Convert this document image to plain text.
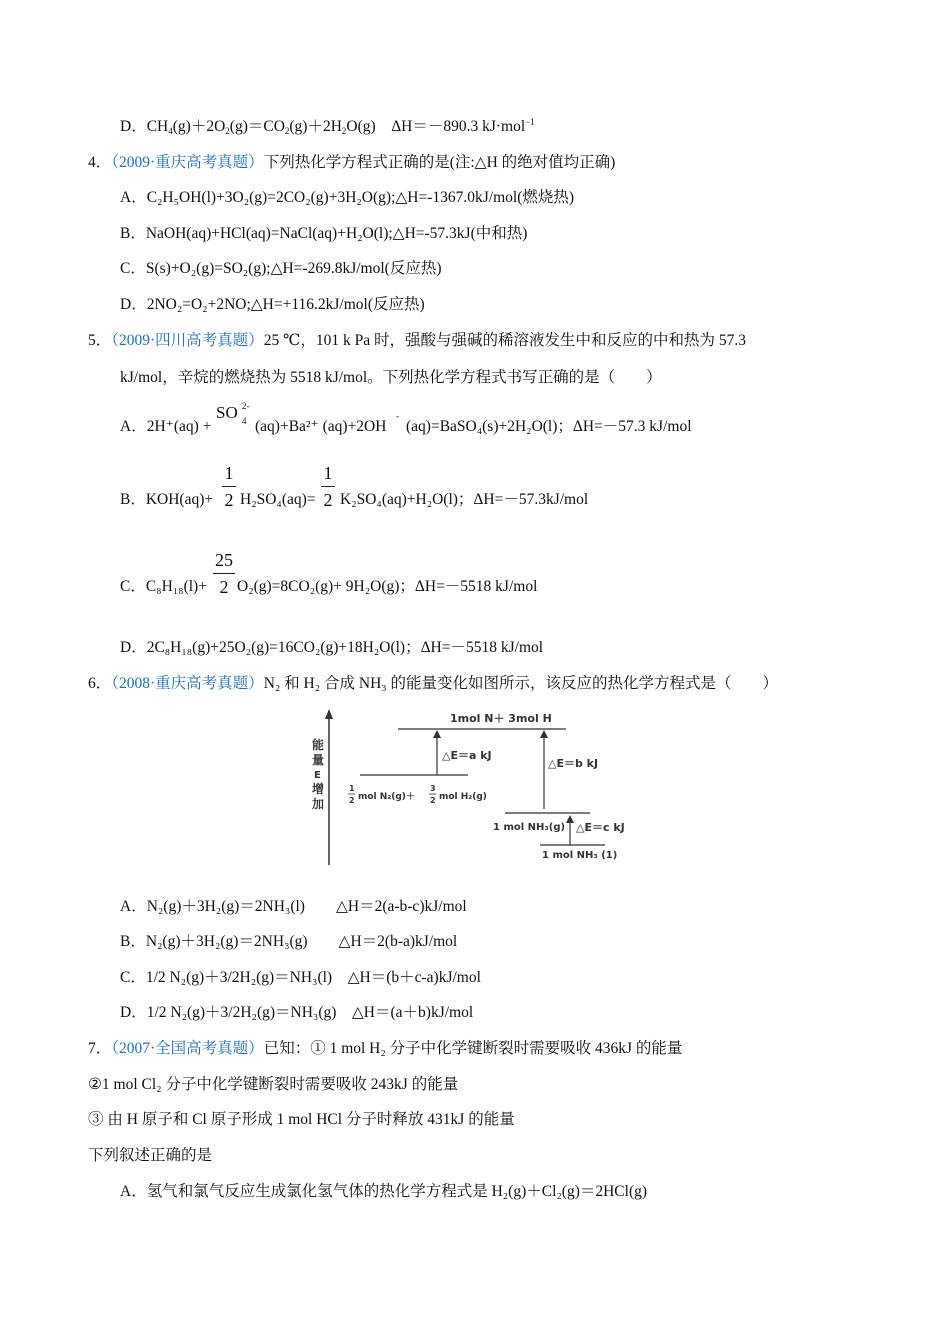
D．$CH_4(g)+2O_2(g)=CO_2(g)+2H_2O(g)$　ΔH＝－890.3 kJ·mol$^{-1}$
4．（2009·重庆高考真题）下列热化学方程式正确的是(注:△H 的绝对值均正确)
A．C₂H₅OH(l)+3O₂(g)=2CO₂(g)+3H₂O(g);△H=-1367.0kJ/mol(燃烧热)
B．NaOH(aq)+HCl(aq)=NaCl(aq)+H₂O(l);△H=-57.3kJ(中和热)
C．S(s)+O₂(g)=SO₂(g);△H=-269.8kJ/mol(反应热)
D．2NO₂=O₂+2NO;△H=+116.2kJ/mol(反应热)
5．（2009·四川高考真题）25 ℃，101 k Pa 时，强酸与强碱的稀溶液发生中和反应的中和热为 57.3
kJ/mol，辛烷的燃烧热为 5518 kJ/mol。下列热化学方程式书写正确的是（　　）
A．2H⁺(aq) +
SO 2-
4 (aq)+Ba²⁺ (aq)+2OH
-
(aq)=BaSO₄(s)+2H₂O(l)；ΔH=－57.3 kJ/mol
B．KOH(aq)+
1
2 H₂SO₄(aq)=
1
2 K₂SO₄(aq)+H₂O(l)；ΔH=－57.3kJ/mol
C．C₈H₁₈(l)+
25
2 O₂(g)=8CO₂(g)+ 9H₂O(g)；ΔH=－5518 kJ/mol
D．2C₈H₁₈(g)+25O₂(g)=16CO₂(g)+18H₂O(l)；ΔH=－5518 kJ/mol
6．（2008·重庆高考真题）N₂ 和 H₂ 合成 NH₃ 的能量变化如图所示，该反应的热化学方程式是（　　）
能
量
E
增
加
1mol N＋ 3mol H
△E＝a kJ
△E＝b kJ
1
2 mol N₂(g)＋
3
2 mol H₂(g)
1 mol NH₃(g) △E＝c kJ
1 mol NH₃ (1)
A．N₂(g)＋3H₂(g)＝2NH₃(l)　　△H＝2(a-b-c)kJ/mol
B．N₂(g)＋3H₂(g)＝2NH₃(g)　　△H＝2(b-a)kJ/mol
C．1/2 N₂(g)＋3/2H₂(g)＝NH₃(l)　△H＝(b＋c-a)kJ/mol
D．1/2 N₂(g)＋3/2H₂(g)＝NH₃(g)　△H＝(a＋b)kJ/mol
7．（2007·全国高考真题）已知：① 1 mol H₂ 分子中化学键断裂时需要吸收 436kJ 的能量
②1 mol Cl₂ 分子中化学键断裂时需要吸收 243kJ 的能量
③ 由 H 原子和 Cl 原子形成 1 mol HCl 分子时释放 431kJ 的能量
下列叙述正确的是
A．氢气和氯气反应生成氯化氢气体的热化学方程式是 H₂(g)＋Cl₂(g)＝2HCl(g)
